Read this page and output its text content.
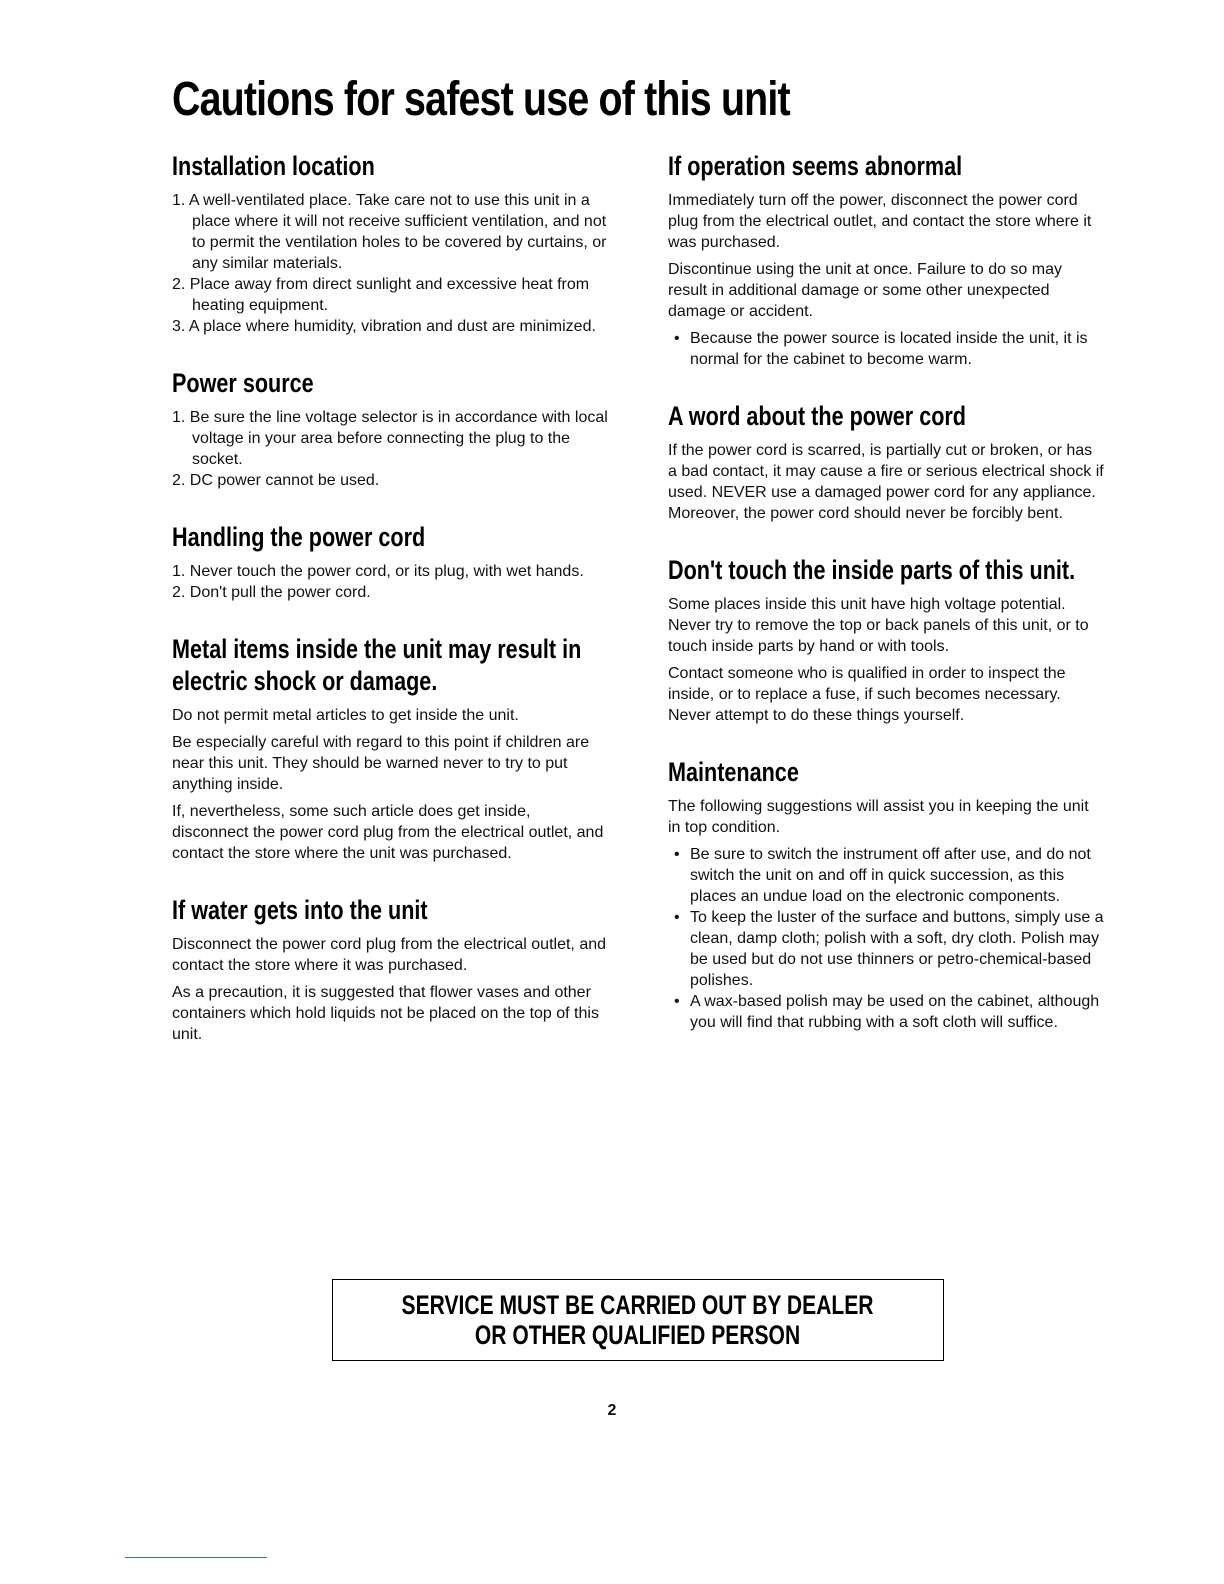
Cautions for safest use of this unit
Installation location
1. A well-ventilated place. Take care not to use this unit in a place where it will not receive sufficient ventilation, and not to permit the ventilation holes to be covered by curtains, or any similar materials.
2. Place away from direct sunlight and excessive heat from heating equipment.
3. A place where humidity, vibration and dust are minimized.
Power source
1. Be sure the line voltage selector is in accordance with local voltage in your area before connecting the plug to the socket.
2. DC power cannot be used.
Handling the power cord
1. Never touch the power cord, or its plug, with wet hands.
2. Don't pull the power cord.
Metal items inside the unit may result in electric shock or damage.

Do not permit metal articles to get inside the unit.

Be especially careful with regard to this point if children are near this unit. They should be warned never to try to put anything inside.

If, nevertheless, some such article does get inside, disconnect the power cord plug from the electrical outlet, and contact the store where the unit was purchased.

If water gets into the unit

Disconnect the power cord plug from the electrical outlet, and contact the store where it was purchased.

As a precaution, it is suggested that flower vases and other containers which hold liquids not be placed on the top of this unit.

If operation seems abnormal

Immediately turn off the power, disconnect the power cord plug from the electrical outlet, and contact the store where it was purchased.

Discontinue using the unit at once. Failure to do so may result in additional damage or some other unexpected damage or accident.

• Because the power source is located inside the unit, it is normal for the cabinet to become warm.
A word about the power cord

If the power cord is scarred, is partially cut or broken, or has a bad contact, it may cause a fire or serious electrical shock if used. NEVER use a damaged power cord for any appliance. Moreover, the power cord should never be forcibly bent.

Don't touch the inside parts of this unit.

Some places inside this unit have high voltage potential. Never try to remove the top or back panels of this unit, or to touch inside parts by hand or with tools.

Contact someone who is qualified in order to inspect the inside, or to replace a fuse, if such becomes necessary. Never attempt to do these things yourself.

Maintenance

The following suggestions will assist you in keeping the unit in top condition.

• Be sure to switch the instrument off after use, and do not switch the unit on and off in quick succession, as this places an undue load on the electronic components.
• To keep the luster of the surface and buttons, simply use a clean, damp cloth; polish with a soft, dry cloth. Polish may be used but do not use thinners or petro-chemical-based polishes.
• A wax-based polish may be used on the cabinet, although you will find that rubbing with a soft cloth will suffice.
SERVICE MUST BE CARRIED OUT BY DEALER
OR OTHER QUALIFIED PERSON
2
